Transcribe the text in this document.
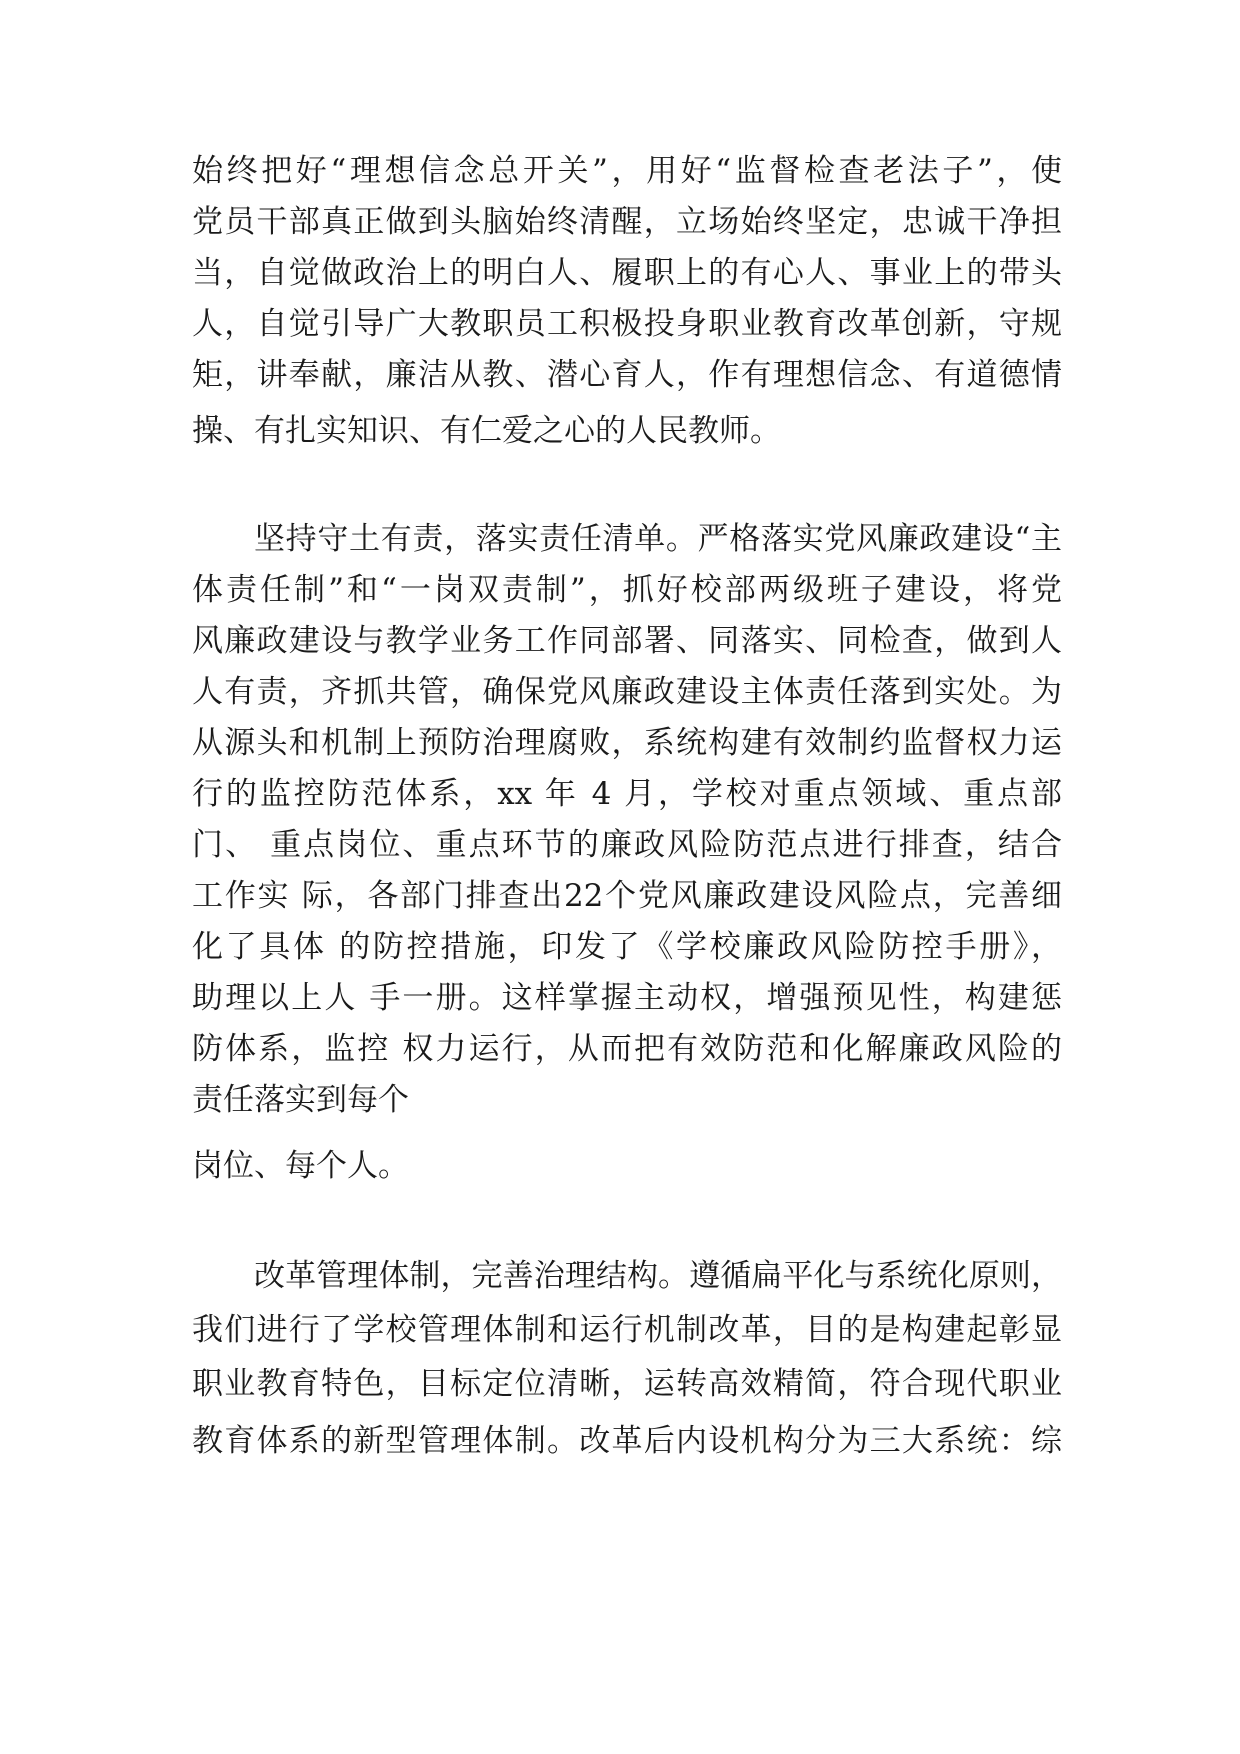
始终把好“理想信念总开关”，用好“监督检查老法子”，使
党员干部真正做到头脑始终清醒，立场始终坚定，忠诚干净担
当，自觉做政治上的明白人、履职上的有心人、事业上的带头
人，自觉引导广大教职员工积极投身职业教育改革创新，守规
矩，讲奉献，廉洁从教、潜心育人，作有理想信念、有道德情
操、有扎实知识、有仁爱之心的人民教师。
坚持守土有责，落实责任清单。严格落实党风廉政建设“主
体责任制”和“一岗双责制”，抓好校部两级班子建设，将党
风廉政建设与教学业务工作同部署、同落实、同检查，做到人
人有责，齐抓共管，确保党风廉政建设主体责任落到实处。为
从源头和机制上预防治理腐败，系统构建有效制约监督权力运
行的监控防范体系，xx 年 4 月，学校对重点领域、重点部
门、 重点岗位、重点环节的廉政风险防范点进行排查，结合
工作实 际，各部门排查出22个党风廉政建设风险点，完善细
化了具体 的防控措施，印发了《学校廉政风险防控手册》，
助理以上人 手一册。这样掌握主动权，增强预见性，构建惩
防体系，监控 权力运行，从而把有效防范和化解廉政风险的
责任落实到每个
岗位、每个人。
改革管理体制，完善治理结构。遵循扁平化与系统化原则，
我们进行了学校管理体制和运行机制改革，目的是构建起彰显
职业教育特色，目标定位清晰，运转高效精简，符合现代职业
教育体系的新型管理体制。改革后内设机构分为三大系统：综
